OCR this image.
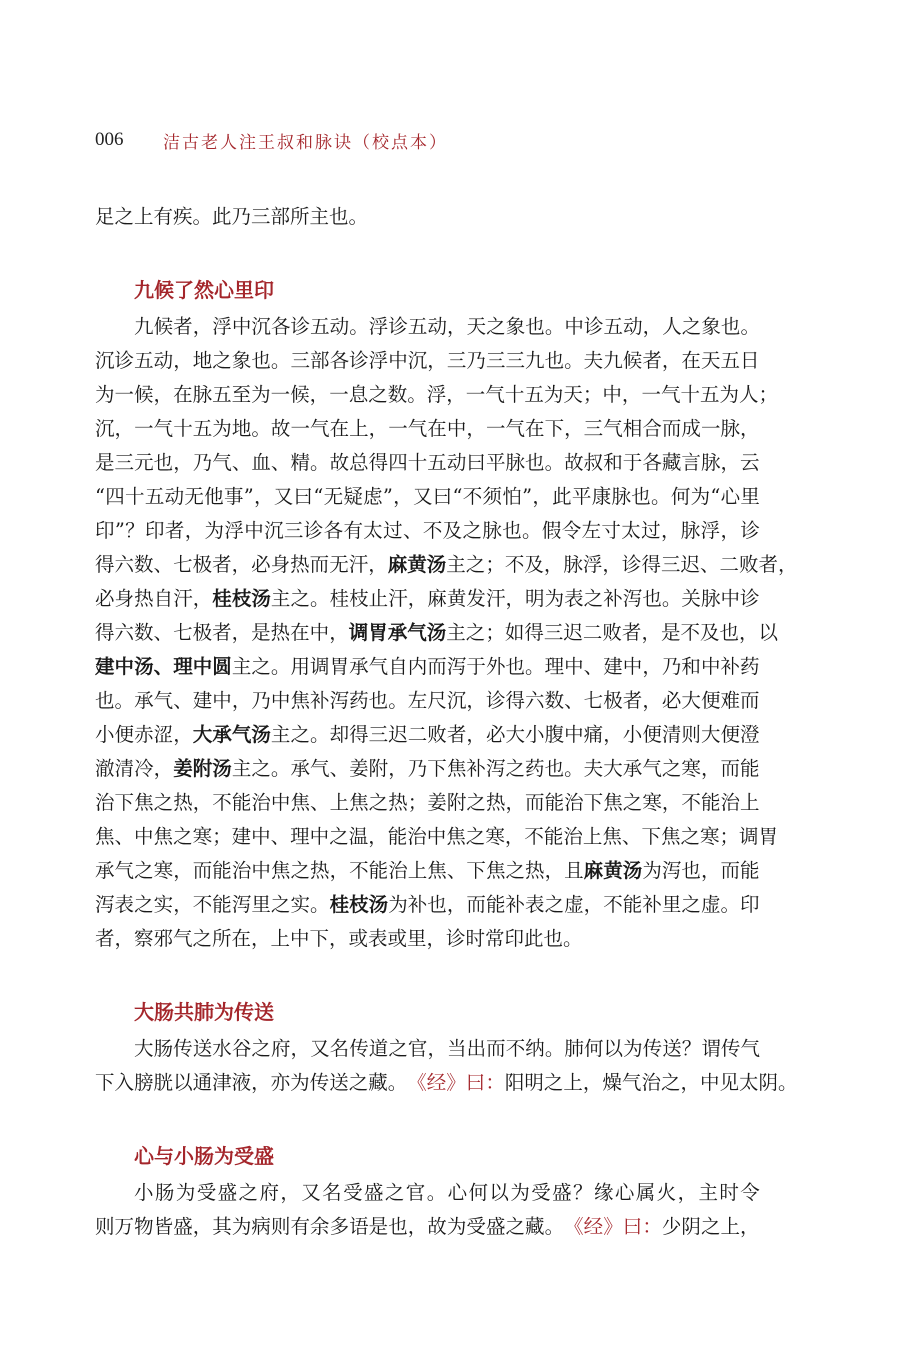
006	洁古老人注王叔和脉诀（校点本）
足之上有疾。此乃三部所主也。
九候了然心里印
九 候 者 ， 浮 中 沉 各 诊 五 动 。 浮 诊 五 动 ， 天 之 象 也 。 中 诊 五 动 ， 人 之 象 也 。
沉 诊 五 动 ， 地 之 象 也 。 三 部 各 诊 浮 中 沉 ， 三 乃 三 三 九 也 。 夫 九 候 者 ， 在 天 五 日
为 一 候 ， 在 脉 五 至 为 一 候 ， 一 息 之 数 。 浮 ， 一 气 十 五 为 天 ； 中 ， 一 气 十 五 为 人 ；
沉 ， 一 气 十 五 为 地 。 故 一 气 在 上 ， 一 气 在 中 ， 一 气 在 下 ， 三 气 相 合 而 成 一 脉 ，
是 三 元 也 ， 乃 气 、 血 、 精 。 故 总 得 四 十 五 动 曰 平 脉 也 。 故 叔 和 于 各 藏 言 脉 ， 云
“ 四 十 五 动 无 他 事 ” ， 又 曰 “ 无 疑 虑 ” ， 又 曰 “ 不 须 怕 ” ， 此 平 康 脉 也 。 何 为 “ 心 里
印 ” ？ 印 者 ， 为 浮 中 沉 三 诊 各 有 太 过 、 不 及 之 脉 也 。 假 令 左 寸 太 过 ， 脉 浮 ， 诊
得 六 数 、 七 极 者 ， 必 身 热 而 无 汗 ， 麻 黄 汤 主 之 ； 不 及 ， 脉 浮 ， 诊 得 三 迟 、 二 败 者 ，
必 身 热 自 汗 ， 桂 枝 汤 主 之 。 桂 枝 止 汗 ， 麻 黄 发 汗 ， 明 为 表 之 补 泻 也 。 关 脉 中 诊
得 六 数 、 七 极 者 ， 是 热 在 中 ， 调 胃 承 气 汤 主 之 ； 如 得 三 迟 二 败 者 ， 是 不 及 也 ， 以
建 中 汤 、 理 中 圆 主 之 。 用 调 胃 承 气 自 内 而 泻 于 外 也 。 理 中 、 建 中 ， 乃 和 中 补 药
也 。 承 气 、 建 中 ， 乃 中 焦 补 泻 药 也 。 左 尺 沉 ， 诊 得 六 数 、 七 极 者 ， 必 大 便 难 而
小 便 赤 涩 ， 大 承 气 汤 主 之 。 却 得 三 迟 二 败 者 ， 必 大 小 腹 中 痛 ， 小 便 清 则 大 便 澄
澈 清 冷 ， 姜 附 汤 主 之 。 承 气 、 姜 附 ， 乃 下 焦 补 泻 之 药 也 。 夫 大 承 气 之 寒 ， 而 能
治 下 焦 之 热 ， 不 能 治 中 焦 、 上 焦 之 热 ； 姜 附 之 热 ， 而 能 治 下 焦 之 寒 ， 不 能 治 上
焦 、 中 焦 之 寒 ； 建 中 、 理 中 之 温 ， 能 治 中 焦 之 寒 ， 不 能 治 上 焦 、 下 焦 之 寒 ； 调 胃
承 气 之 寒 ， 而 能 治 中 焦 之 热 ， 不 能 治 上 焦 、 下 焦 之 热 ， 且 麻 黄 汤 为 泻 也 ， 而 能
泻 表 之 实 ， 不 能 泻 里 之 实 。 桂 枝 汤 为 补 也 ， 而 能 补 表 之 虚 ， 不 能 补 里 之 虚 。 印
者，察邪气之所在，上中下，或表或里，诊时常印此也。
大肠共肺为传送
大 肠 传 送 水 谷 之 府 ， 又 名 传 道 之 官 ， 当 出 而 不 纳 。 肺 何 以 为 传 送 ？ 谓 传 气
下 入 膀 胱 以 通 津 液 ， 亦 为 传 送 之 藏 。 《 经 》 曰 ： 阳 明 之 上 ， 燥 气 治 之 ， 中 见 太 阴 。
心与小肠为受盛
小 肠 为 受 盛 之 府 ， 又 名 受 盛 之 官 。 心 何 以 为 受 盛 ？ 缘 心 属 火 ， 主 时 令
则 万 物 皆 盛 ， 其 为 病 则 有 余 多 语 是 也 ， 故 为 受 盛 之 藏 。 《 经 》 曰 ： 少 阴 之 上 ，
